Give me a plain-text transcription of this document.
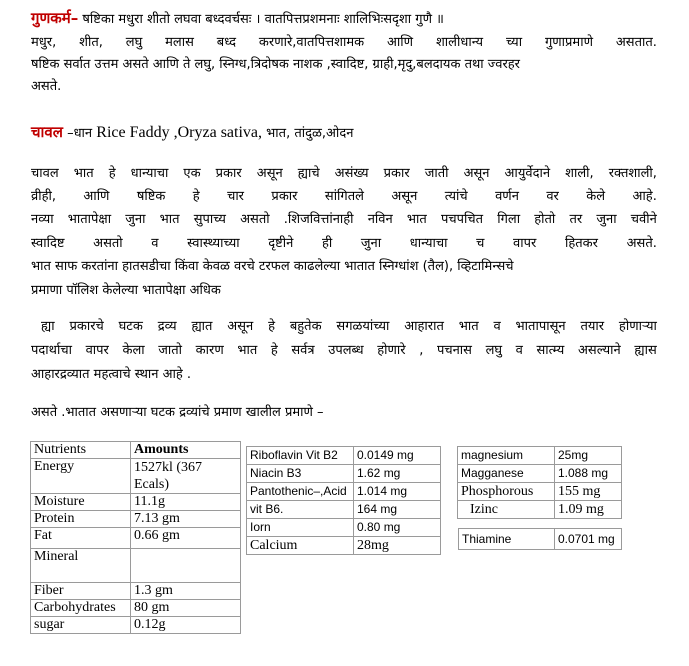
गुणकर्म– षष्टिका मधुरा शीतो लघवा बध्दवर्चसः । वातपित्तप्रशमनाः शालिभिःसदृशा गुणै ॥
मधुर, शीत, लघु मलास बध्द करणारे,वातपित्तशामक आणि शालीधान्य च्या गुणाप्रमाणे असतात.
षष्टिक सर्वात उत्तम असते आणि ते लघु, स्निग्ध,त्रिदोषक नाशक ,स्वादिष्ट, ग्राही,मृदु,बलदायक तथा ज्वरहर
असते.
चावल –धान Rice Faddy ,Oryza sativa, भात, तांदुळ,ओदन
चावल भात हे धान्याचा एक प्रकार असून ह्याचे असंख्य प्रकार जाती असून आयुर्वेदाने शाली, रक्तशाली,
व्रीही, आणि षष्टिक हे चार प्रकार सांगितले असून त्यांचे वर्णन वर केले आहे.
नव्या भातापेक्षा जुना भात सुपाच्य असतो .शिजवित्तांनाही नविन भात पचपचित गिला होतो तर जुना चवीने
स्वादिष्ट असतो व स्वास्थ्याच्या दृष्टीने ही जुना धान्याचा च वापर हितकर असते.
भात साफ करतांना हातसडीचा किंवा केवळ वरचे टरफल काढलेल्या भातात स्निग्धांश (तैल), व्हिटामिन्सचे
प्रमाणा पॉलिश केलेल्या भातापेक्षा अधिक
ह्या प्रकारचे घटक द्रव्य ह्यात असून हे बहुतेक सगळयांच्या आहारात भात व भातापासून तयार होणाऱ्या
पदार्थाचा वापर केला जातो कारण भात हे सर्वत्र उपलब्ध होणारे , पचनास लघु व सात्म्य असल्याने ह्यास
आहारद्रव्यात महत्वाचे स्थान आहे .
असते .भातात असणाऱ्या घटक द्रव्यांचे प्रमाण खालील प्रमाणे –
Nutrients	Amounts
Energy	1527kl (367 Ecals)
Moisture	11.1g
Protein	7.13 gm
Fat	0.66 gm
Mineral	
Fiber	1.3 gm
Carbohydrates	80 gm
sugar	0.12g
Riboflavin Vit B2	0.0149 mg
Niacin B3	1.62 mg
Pantothenic–,Acid	1.014 mg
vit B6.	164 mg
Iorn	0.80 mg
Calcium	28mg
magnesium	25mg
Magganese	1.088 mg
Phosphorous	155 mg
Izinc	1.09 mg
Thiamine	0.0701 mg
